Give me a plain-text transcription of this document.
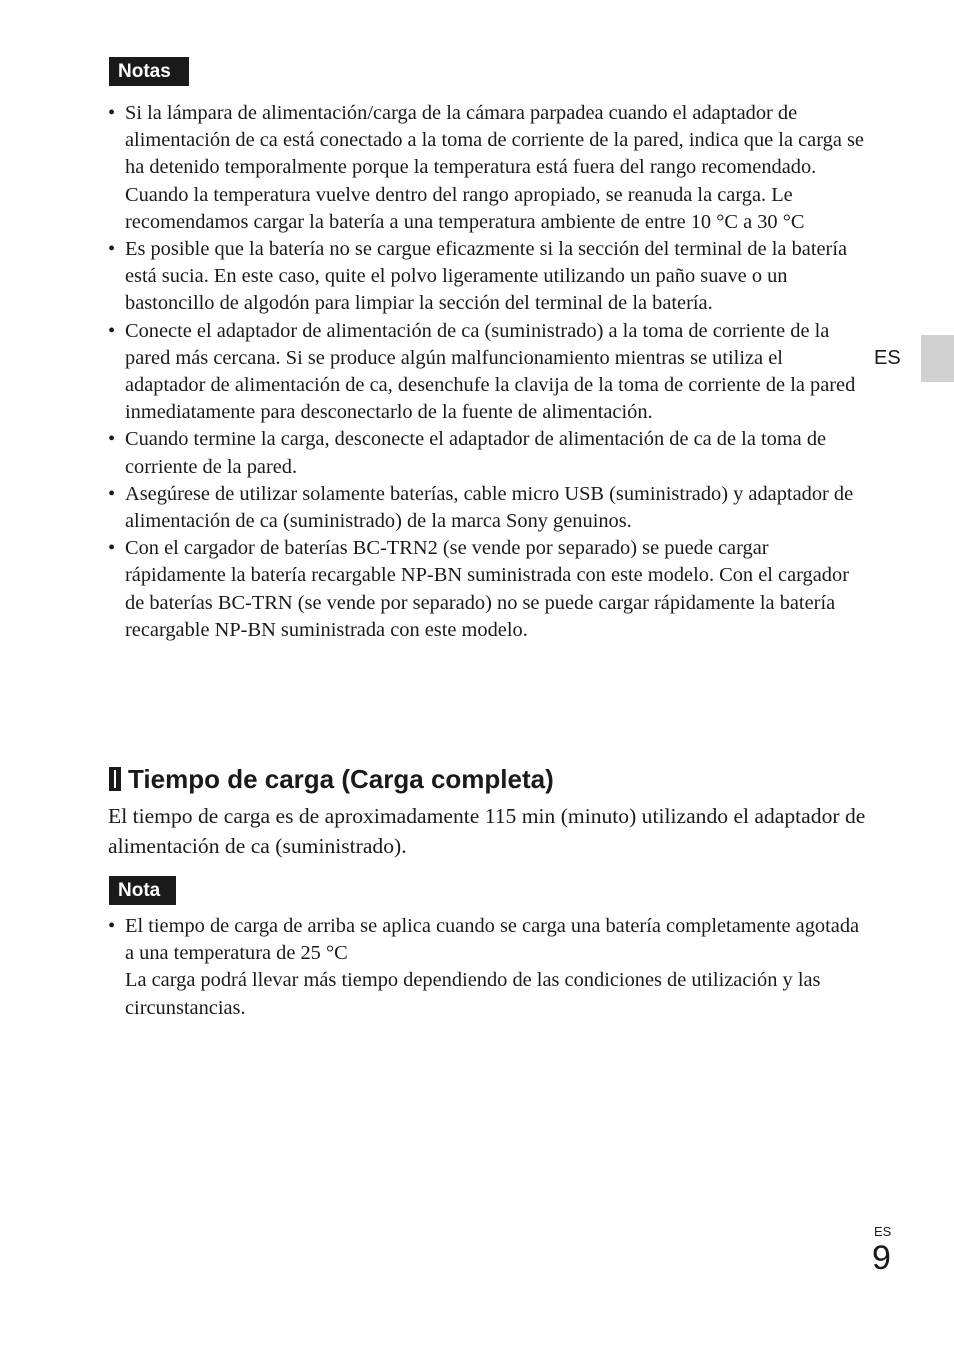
Notas
• Si la lámpara de alimentación/carga de la cámara parpadea cuando el adaptador de alimentación de ca está conectado a la toma de corriente de la pared, indica que la carga se ha detenido temporalmente porque la temperatura está fuera del rango recomendado. Cuando la temperatura vuelve dentro del rango apropiado, se reanuda la carga. Le recomendamos cargar la batería a una temperatura ambiente de entre 10 °C a 30 °C
• Es posible que la batería no se cargue eficazmente si la sección del terminal de la batería está sucia. En este caso, quite el polvo ligeramente utilizando un paño suave o un bastoncillo de algodón para limpiar la sección del terminal de la batería.
• Conecte el adaptador de alimentación de ca (suministrado) a la toma de corriente de la pared más cercana. Si se produce algún malfuncionamiento mientras se utiliza el adaptador de alimentación de ca, desenchufe la clavija de la toma de corriente de la pared inmediatamente para desconectarlo de la fuente de alimentación.
• Cuando termine la carga, desconecte el adaptador de alimentación de ca de la toma de corriente de la pared.
• Asegúrese de utilizar solamente baterías, cable micro USB (suministrado) y adaptador de alimentación de ca (suministrado) de la marca Sony genuinos.
• Con el cargador de baterías BC-TRN2 (se vende por separado) se puede cargar rápidamente la batería recargable NP-BN suministrada con este modelo. Con el cargador de baterías BC-TRN (se vende por separado) no se puede cargar rápidamente la batería recargable NP-BN suministrada con este modelo.
Tiempo de carga (Carga completa)

El tiempo de carga es de aproximadamente 115 min (minuto) utilizando el adaptador de alimentación de ca (suministrado).

Nota
• El tiempo de carga de arriba se aplica cuando se carga una batería completamente agotada a una temperatura de 25 °C
La carga podrá llevar más tiempo dependiendo de las condiciones de utilización y las circunstancias.
ES
ES
9
